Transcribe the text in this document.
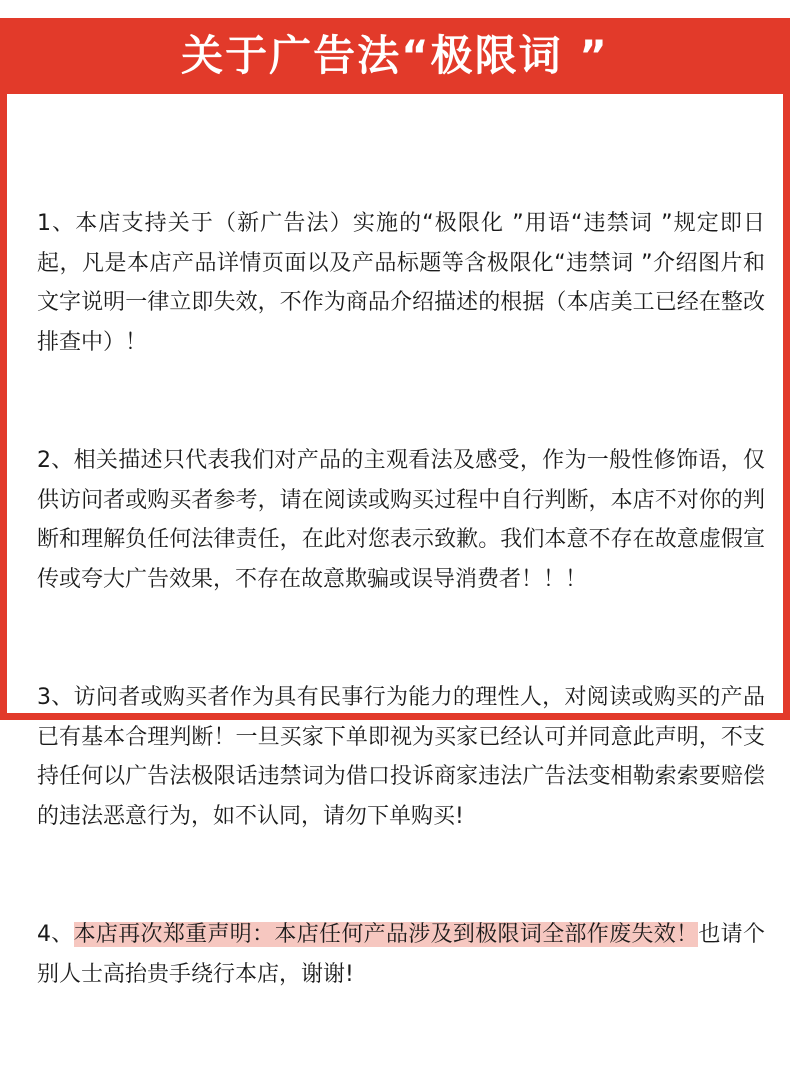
关于广告法“极限词 ”

1、本店支持关于（新广告法）实施的“极限化 ”用语“违禁词 ”规定即日起，凡是本店产品详情页面以及产品标题等含极限化“违禁词 ”介绍图片和文字说明一律立即失效，不作为商品介绍描述的根据（本店美工已经在整改排查中）！

2、相关描述只代表我们对产品的主观看法及感受，作为一般性修饰语，仅供访问者或购买者参考，请在阅读或购买过程中自行判断，本店不对你的判断和理解负任何法律责任，在此对您表示致歉。我们本意不存在故意虚假宣传或夸大广告效果，不存在故意欺骗或误导消费者！！！

3、访问者或购买者作为具有民事行为能力的理性人，对阅读或购买的产品已有基本合理判断！一旦买家下单即视为买家已经认可并同意此声明，不支持任何以广告法极限话违禁词为借口投诉商家违法广告法变相勒索索要赔偿的违法恶意行为，如不认同，请勿下单购买!

4、本店再次郑重声明：本店任何产品涉及到极限词全部作废失效！也请个别人士高抬贵手绕行本店，谢谢!
